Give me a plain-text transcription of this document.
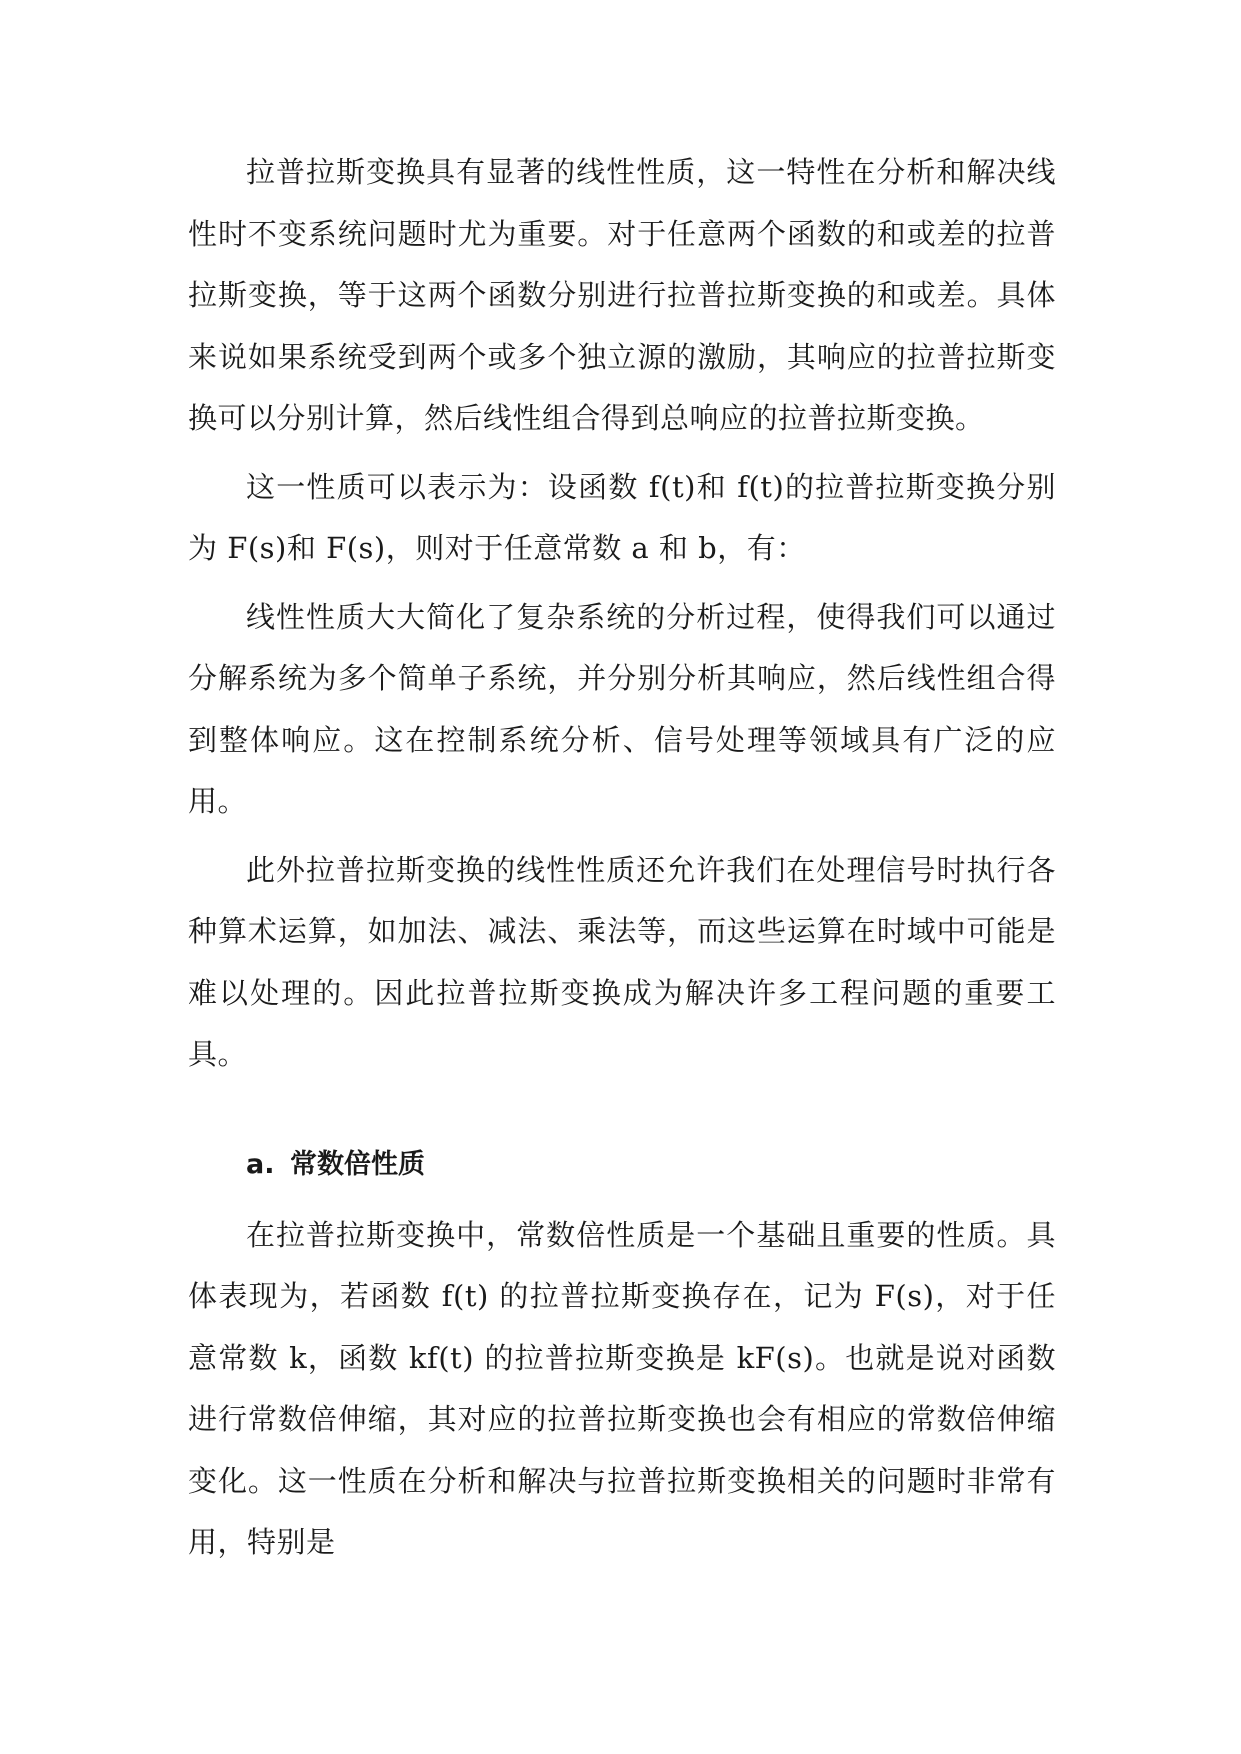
拉普拉斯变换具有显著的线性性质，这一特性在分析和解决线性时不变系统问题时尤为重要。对于任意两个函数的和或差的拉普拉斯变换，等于这两个函数分别进行拉普拉斯变换的和或差。具体来说如果系统受到两个或多个独立源的激励，其响应的拉普拉斯变换可以分别计算，然后线性组合得到总响应的拉普拉斯变换。

这一性质可以表示为：设函数 f(t)和 f(t)的拉普拉斯变换分别为 F(s)和 F(s)，则对于任意常数 a 和 b，有：

线性性质大大简化了复杂系统的分析过程，使得我们可以通过分解系统为多个简单子系统，并分别分析其响应，然后线性组合得到整体响应。这在控制系统分析、信号处理等领域具有广泛的应用。

此外拉普拉斯变换的线性性质还允许我们在处理信号时执行各种算术运算，如加法、减法、乘法等，而这些运算在时域中可能是难以处理的。因此拉普拉斯变换成为解决许多工程问题的重要工具。

a. 常数倍性质

在拉普拉斯变换中，常数倍性质是一个基础且重要的性质。具体表现为，若函数 f(t) 的拉普拉斯变换存在，记为 F(s)，对于任意常数 k，函数 kf(t) 的拉普拉斯变换是 kF(s)。也就是说对函数进行常数倍伸缩，其对应的拉普拉斯变换也会有相应的常数倍伸缩变化。这一性质在分析和解决与拉普拉斯变换相关的问题时非常有用，特别是
